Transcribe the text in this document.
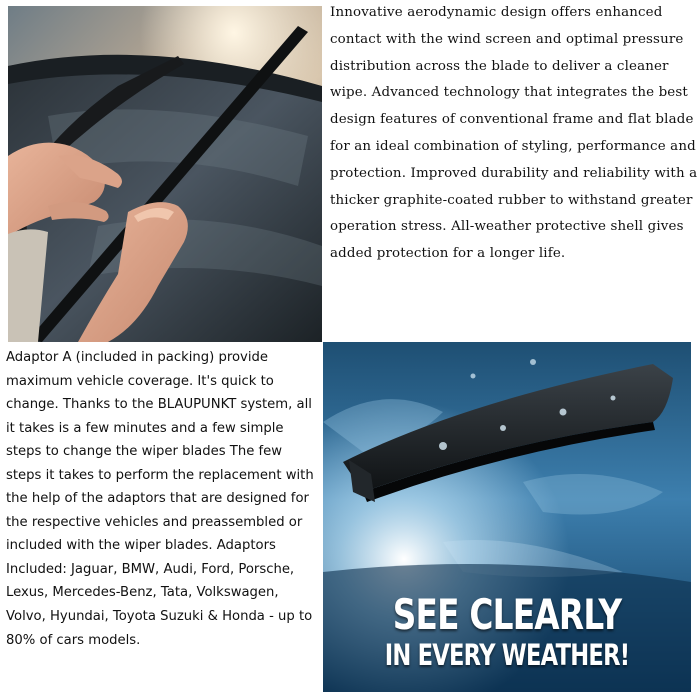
Innovative aerodynamic design offers enhanced contact with the wind screen and optimal pressure distribution across the blade to deliver a cleaner wipe. Advanced technology that integrates the best design features of conventional frame and flat blade for an ideal combination of styling, performance and protection. Improved durability and reliability with a thicker graphite-coated rubber to withstand greater operation stress. All-weather protective shell gives added protection for a longer life.

Adaptor A (included in packing) provide maximum vehicle coverage. It's quick to change. Thanks to the BLAUPUNKT system, all it takes is a few minutes and a few simple steps to change the wiper blades The few steps it takes to perform the replacement with the help of the adaptors that are designed for the respective vehicles and preassembled or included with the wiper blades. Adaptors Included: Jaguar, BMW, Audi, Ford, Porsche, Lexus, Mercedes-Benz, Tata, Volkswagen, Volvo, Hyundai, Toyota Suzuki & Honda - up to 80% of cars models.

SEE CLEARLY
IN EVERY WEATHER!
